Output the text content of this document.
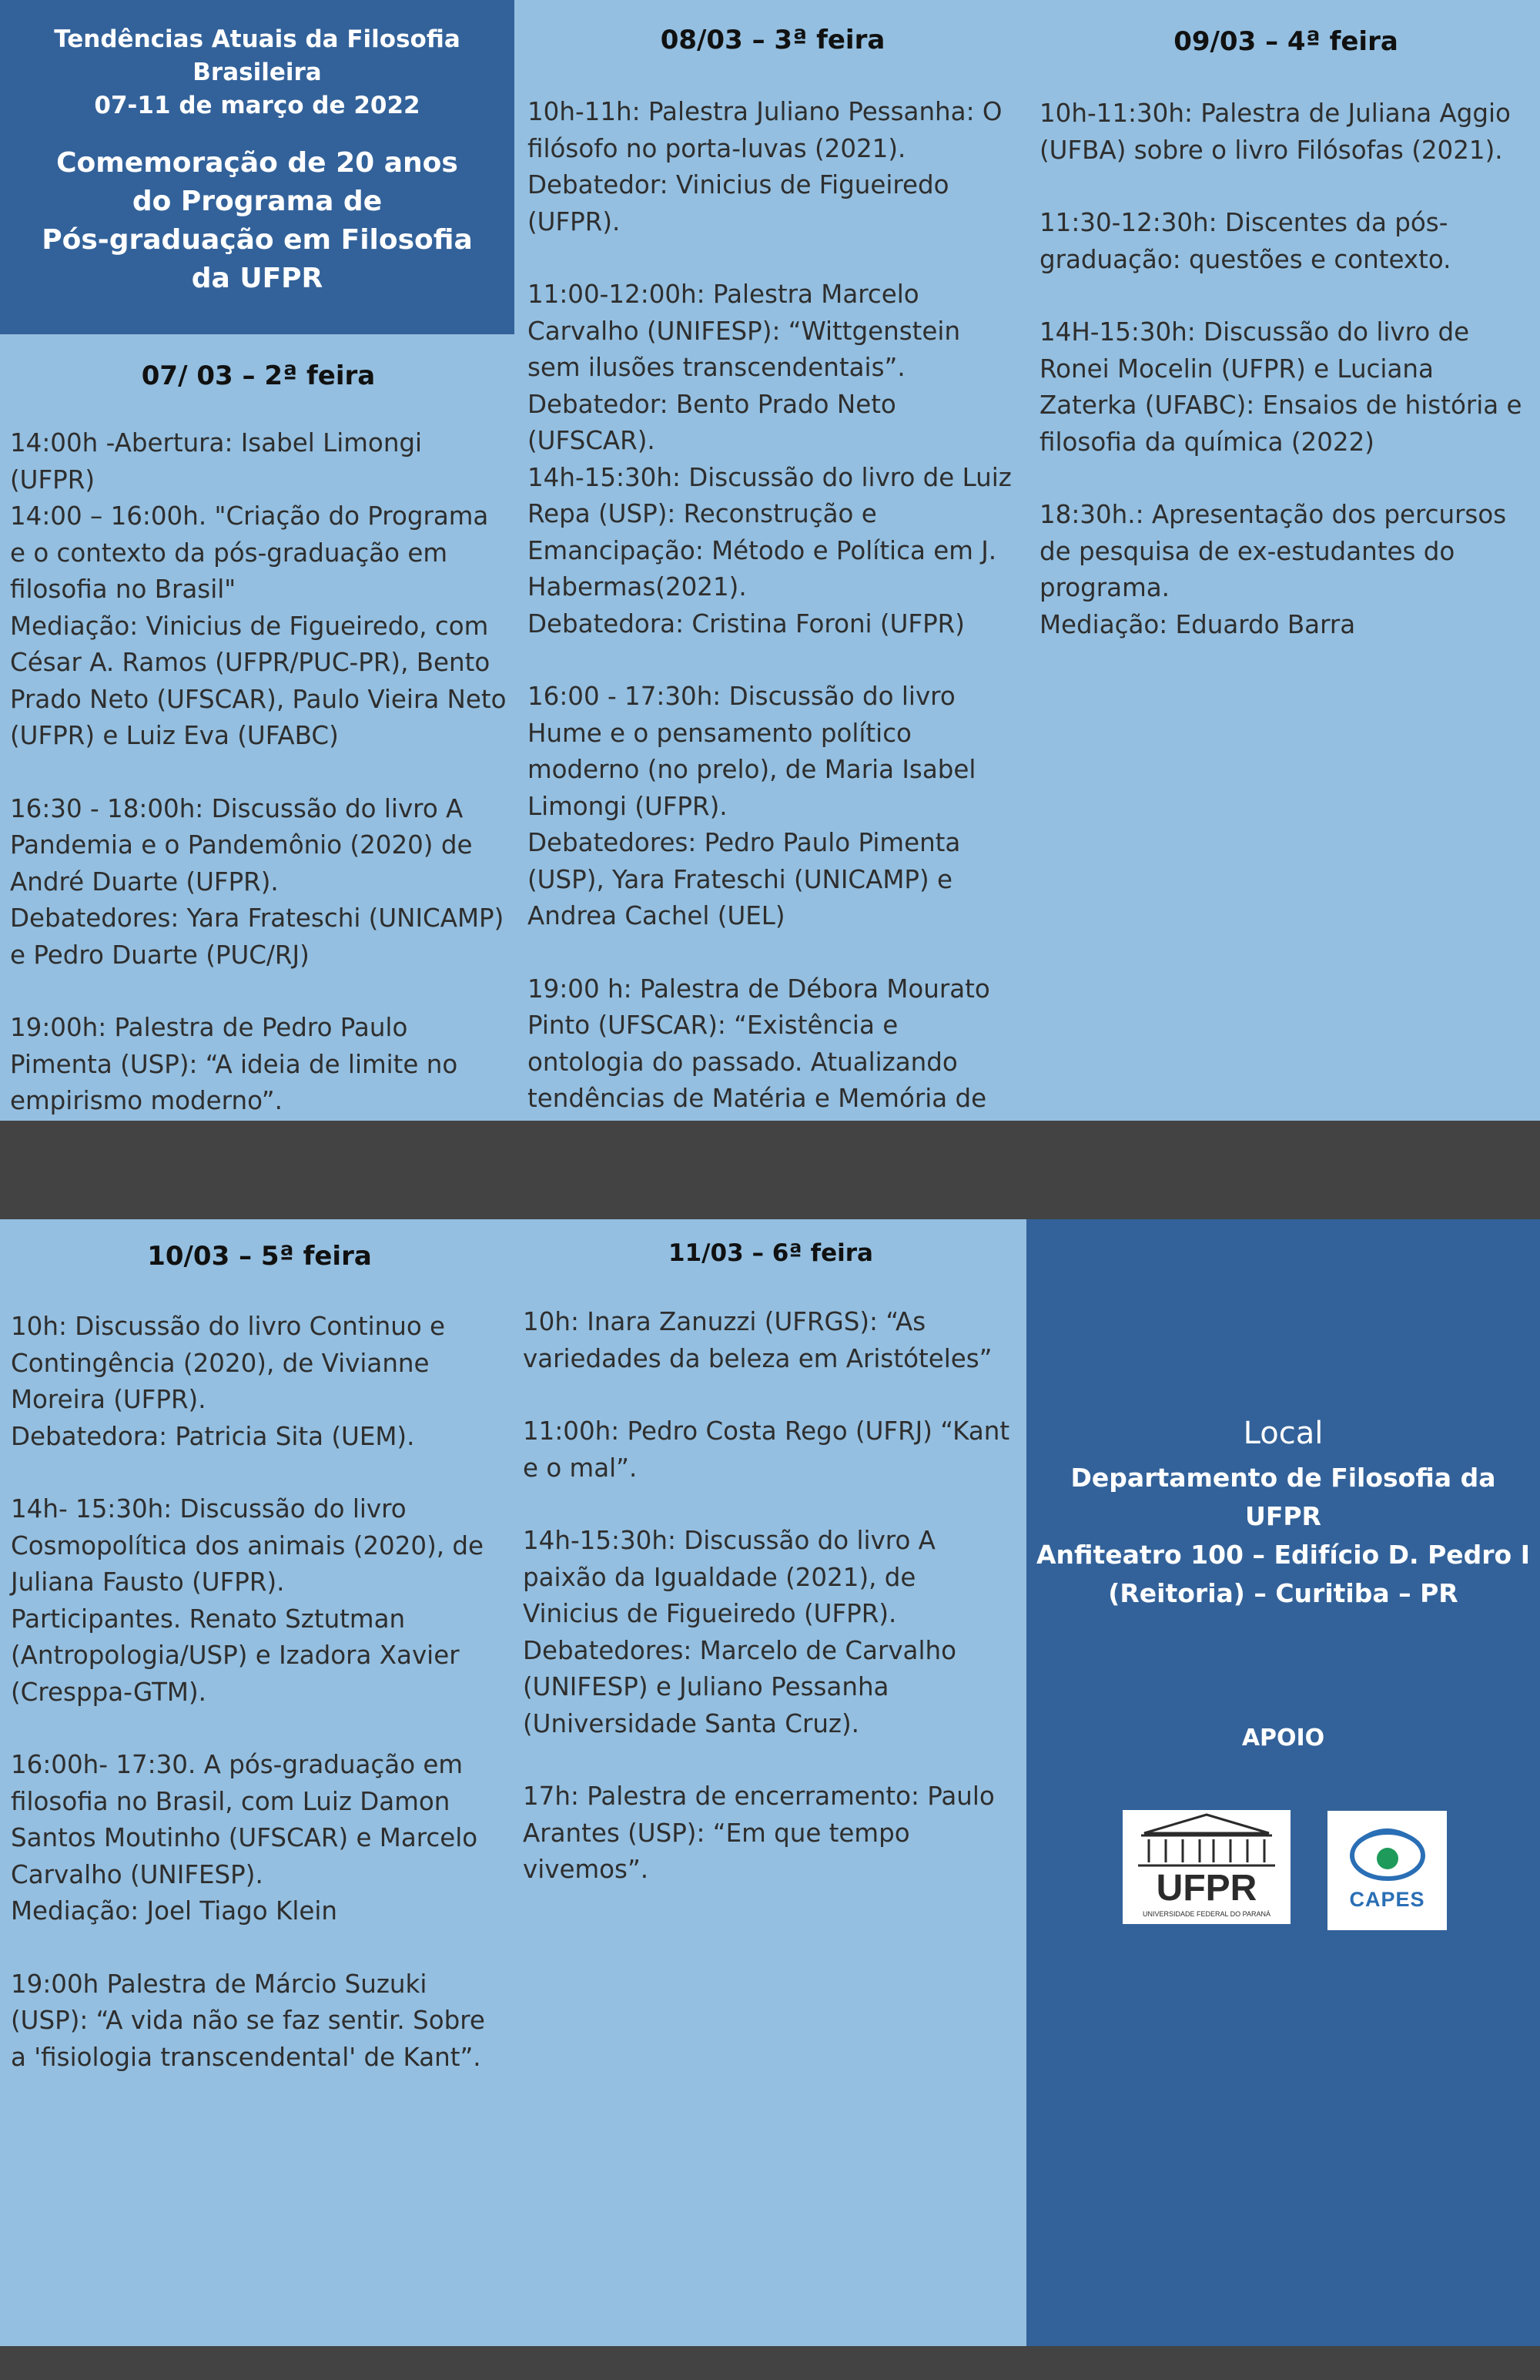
Tendências Atuais da Filosofia

Brasileira

07-11 de março de 2022

Comemoração de 20 anos

do Programa de

Pós-graduação em Filosofia

da UFPR

07/ 03 – 2ª feira

14:00h -Abertura: Isabel Limongi (UFPR)
14:00 – 16:00h. "Criação do Programa e o contexto da pós-graduação em filosofia no Brasil"
Mediação: Vinicius de Figueiredo, com César A. Ramos (UFPR/PUC-PR), Bento Prado Neto (UFSCAR), Paulo Vieira Neto (UFPR) e Luiz Eva (UFABC)

16:30 - 18:00h: Discussão do livro A Pandemia e o Pandemônio (2020) de André Duarte (UFPR).
Debatedores: Yara Frateschi (UNICAMP) e Pedro Duarte (PUC/RJ)

19:00h: Palestra de Pedro Paulo Pimenta (USP): “A ideia de limite no empirismo moderno”.

08/03 – 3ª feira

10h-11h: Palestra Juliano Pessanha: O filósofo no porta-luvas (2021).
Debatedor: Vinicius de Figueiredo (UFPR).

11:00-12:00h: Palestra Marcelo Carvalho (UNIFESP): “Wittgenstein sem ilusões transcendentais”.
Debatedor: Bento Prado Neto (UFSCAR).
14h-15:30h: Discussão do livro de Luiz Repa (USP): Reconstrução e Emancipação: Método e Política em J. Habermas(2021).
Debatedora: Cristina Foroni (UFPR)

16:00 - 17:30h: Discussão do livro Hume e o pensamento político moderno (no prelo), de Maria Isabel Limongi (UFPR).
Debatedores: Pedro Paulo Pimenta (USP), Yara Frateschi (UNICAMP) e Andrea Cachel (UEL)

19:00 h: Palestra de Débora Mourato Pinto (UFSCAR): “Existência e ontologia do passado. Atualizando tendências de Matéria e Memória de

09/03 – 4ª feira

10h-11:30h: Palestra de Juliana Aggio (UFBA) sobre o livro Filósofas (2021).

11:30-12:30h: Discentes da pós-graduação: questões e contexto.

14H-15:30h: Discussão do livro de Ronei Mocelin (UFPR) e Luciana Zaterka (UFABC): Ensaios de história e filosofia da química (2022)

18:30h.: Apresentação dos percursos de pesquisa de ex-estudantes do programa.
Mediação: Eduardo Barra

10/03 – 5ª feira

10h: Discussão do livro Continuo e Contingência (2020), de Vivianne Moreira (UFPR).
Debatedora: Patricia Sita (UEM).

14h- 15:30h: Discussão do livro Cosmopolítica dos animais (2020), de Juliana Fausto (UFPR).
Participantes. Renato Sztutman (Antropologia/USP) e Izadora Xavier (Cresppa-GTM).

16:00h- 17:30. A pós-graduação em filosofia no Brasil, com Luiz Damon Santos Moutinho (UFSCAR) e Marcelo Carvalho (UNIFESP).
Mediação: Joel Tiago Klein

19:00h Palestra de Márcio Suzuki (USP): “A vida não se faz sentir. Sobre a 'fisiologia transcendental' de Kant”.

11/03 – 6ª feira

10h: Inara Zanuzzi (UFRGS): “As variedades da beleza em Aristóteles”

11:00h: Pedro Costa Rego (UFRJ) “Kant e o mal”.

14h-15:30h: Discussão do livro A paixão da Igualdade (2021), de Vinicius de Figueiredo (UFPR).
Debatedores: Marcelo de Carvalho (UNIFESP) e Juliano Pessanha (Universidade Santa Cruz).

17h: Palestra de encerramento: Paulo Arantes (USP): “Em que tempo vivemos”.

Local

Departamento de Filosofia da

UFPR

Anfiteatro 100 – Edifício D. Pedro I

(Reitoria) – Curitiba – PR

APOIO

UFPR
UNIVERSIDADE FEDERAL DO PARANÁ
CAPES
